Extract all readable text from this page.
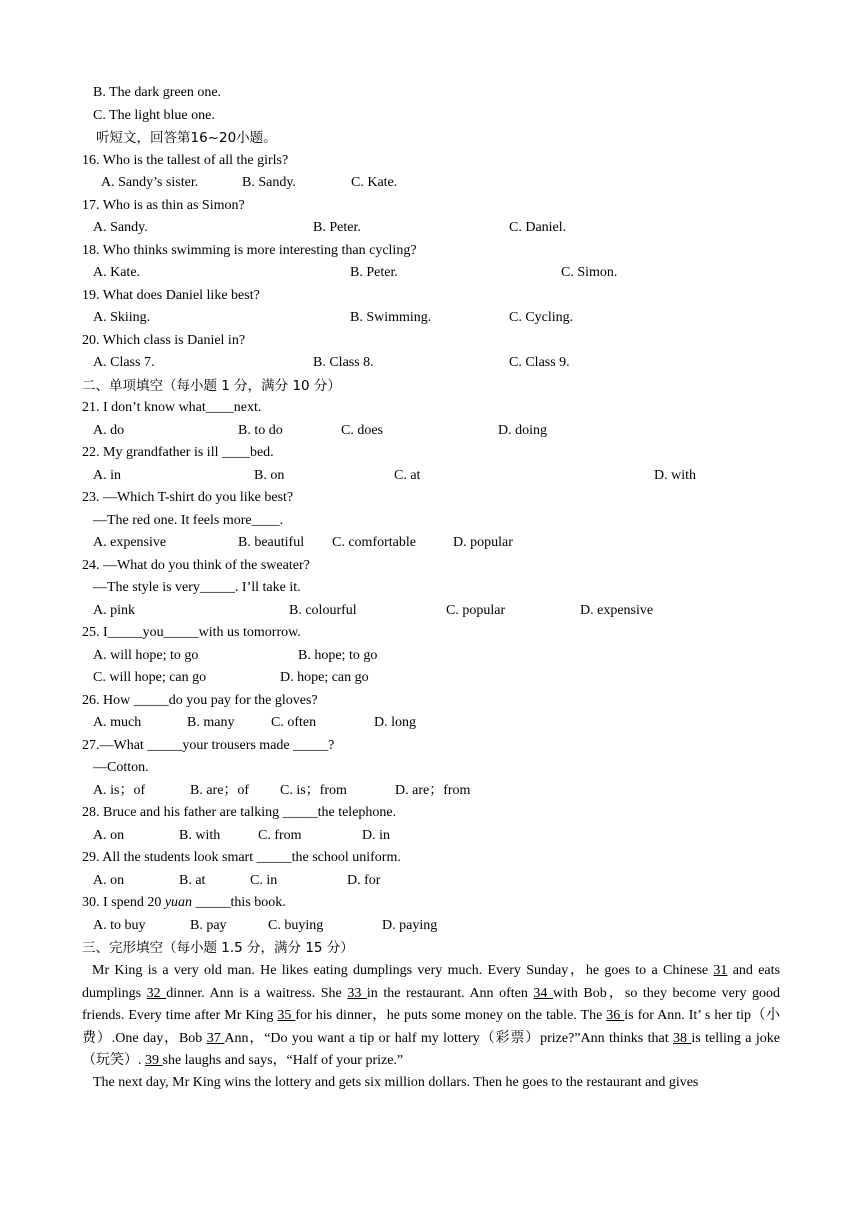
B. The dark green one.
C. The light blue one.
听短文，回答第16~20小题。
16. Who is the tallest of all the girls?
A. Sandy’s sister.	B. Sandy.	C. Kate.
17. Who is as thin as Simon?
A. Sandy.	B. Peter.	C. Daniel.
18. Who thinks swimming is more interesting than cycling?
A. Kate.	B. Peter.	C. Simon.
19. What does Daniel like best?
A. Skiing.	B. Swimming.	C. Cycling.
20. Which class is Daniel in?
A. Class 7.	B. Class 8.	C. Class 9.
二、单项填空（每小题 1 分，满分 10 分）
21. I don’t know what____next.
A. do	B. to do	C. does	D. doing
22. My grandfather is ill ____bed.
A. in	B. on	C. at	D. with
23. —Which T-shirt do you like best?
—The red one. It feels more____.
A. expensive	B. beautiful C. comfortable	D. popular
24. —What do you think of the sweater?
—The style is very_____. I’ll take it.
A. pink	B. colourful	C. popular	D. expensive
25. I_____you_____with us tomorrow.
A. will hope; to go	B. hope; to go
C. will hope; can go	D. hope; can go
26. How _____do you pay for the gloves?
A. much	B. many	C. often	D. long
27.—What _____your trousers made _____?
—Cotton.
A. is；of	B. are；of C. is；from	D. are；from
28. Bruce and his father are talking _____the telephone.
A. on	B. with	C. from	D. in
29. All the students look smart _____the school uniform.
A. on	B. at	C. in	D. for
30. I spend 20 yuan _____this book.
A. to buy	B. pay	C. buying	D. paying
三、完形填空（每小题 1.5 分，满分 15 分）
Mr King is a very old man. He likes eating dumplings very much. Every Sunday，he goes to a Chinese 31 and eats dumplings 32 dinner. Ann is a waitress. She 33 in the restaurant. Ann often 34 with Bob，so they become very good friends. Every time after Mr King 35 for his dinner，he puts some money on the table. The 36 is for Ann. It’ s her tip（小费）.One day，Bob 37 Ann，“Do you want a tip or half my lottery（彩票）prize?”Ann thinks that 38 is telling a joke（玩笑）. 39 she laughs and says，“Half of your prize.”
The next day, Mr King wins the lottery and gets six million dollars. Then he goes to the restaurant and gives
